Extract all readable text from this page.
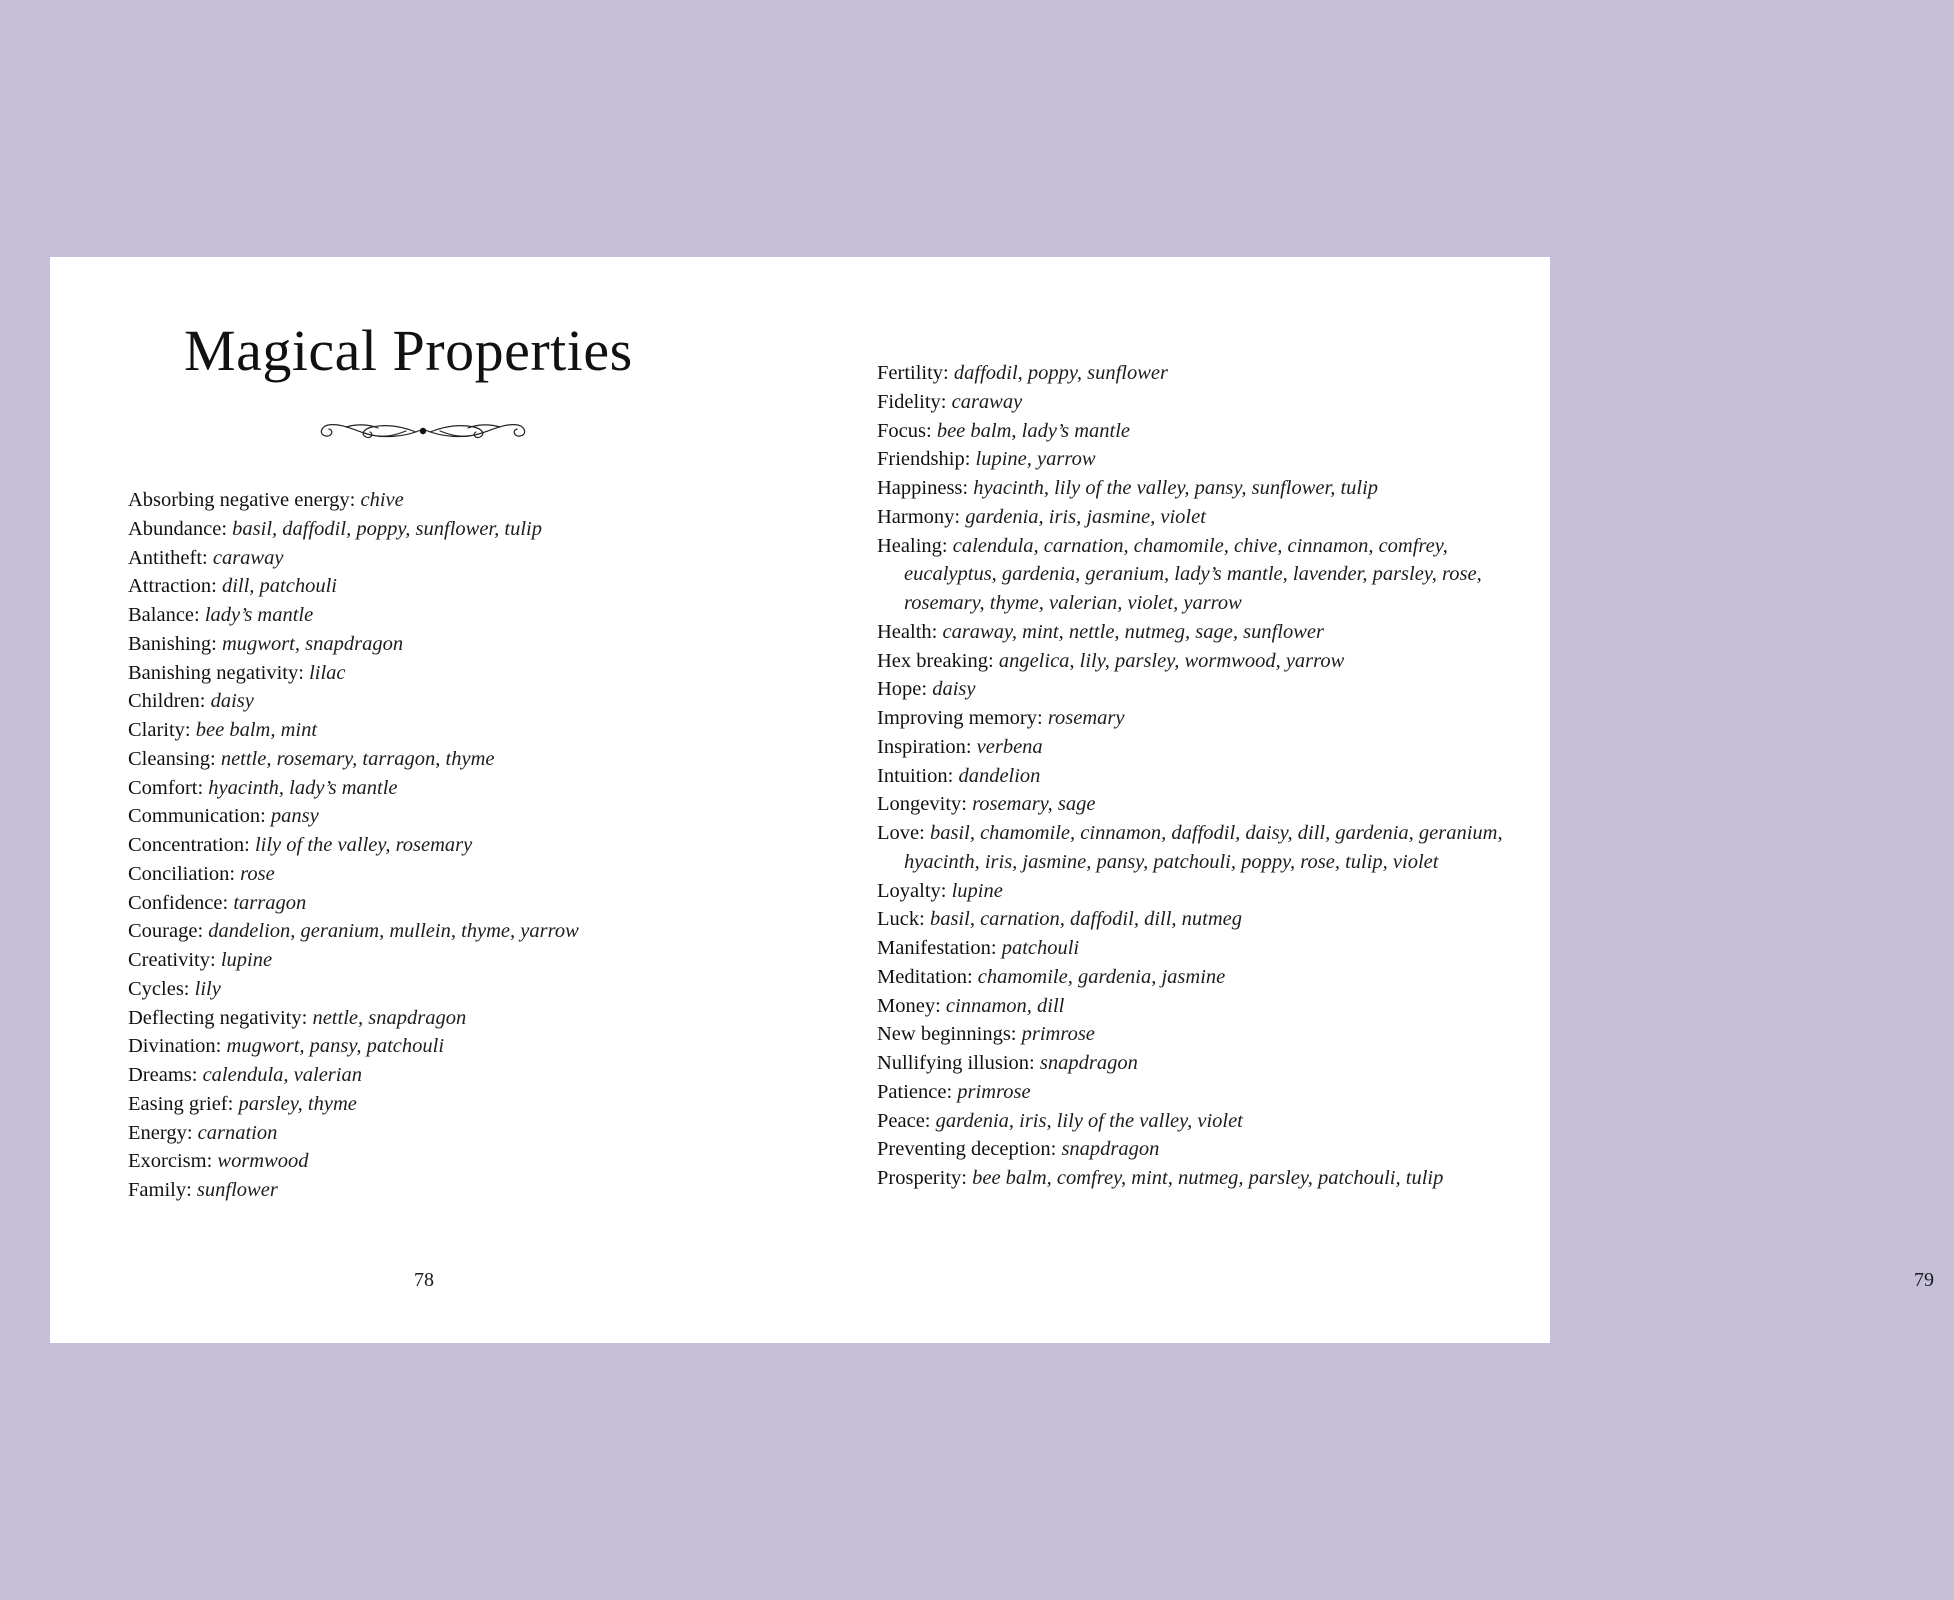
Magical Properties
Absorbing negative energy: chive
Abundance: basil, daffodil, poppy, sunflower, tulip
Antitheft: caraway
Attraction: dill, patchouli
Balance: lady’s mantle
Banishing: mugwort, snapdragon
Banishing negativity: lilac
Children: daisy
Clarity: bee balm, mint
Cleansing: nettle, rosemary, tarragon, thyme
Comfort: hyacinth, lady’s mantle
Communication: pansy
Concentration: lily of the valley, rosemary
Conciliation: rose
Confidence: tarragon
Courage: dandelion, geranium, mullein, thyme, yarrow
Creativity: lupine
Cycles: lily
Deflecting negativity: nettle, snapdragon
Divination: mugwort, pansy, patchouli
Dreams: calendula, valerian
Easing grief: parsley, thyme
Energy: carnation
Exorcism: wormwood
Family: sunflower
78	79
Fertility: daffodil, poppy, sunflower
Fidelity: caraway
Focus: bee balm, lady’s mantle
Friendship: lupine, yarrow
Happiness: hyacinth, lily of the valley, pansy, sunflower, tulip
Harmony: gardenia, iris, jasmine, violet
Healing: calendula, carnation, chamomile, chive, cinnamon, comfrey, eucalyptus, gardenia, geranium, lady’s mantle, lavender, parsley, rose, rosemary, thyme, valerian, violet, yarrow
Health: caraway, mint, nettle, nutmeg, sage, sunflower
Hex breaking: angelica, lily, parsley, wormwood, yarrow
Hope: daisy
Improving memory: rosemary
Inspiration: verbena
Intuition: dandelion
Longevity: rosemary, sage
Love: basil, chamomile, cinnamon, daffodil, daisy, dill, gardenia, geranium, hyacinth, iris, jasmine, pansy, patchouli, poppy, rose, tulip, violet
Loyalty: lupine
Luck: basil, carnation, daffodil, dill, nutmeg
Manifestation: patchouli
Meditation: chamomile, gardenia, jasmine
Money: cinnamon, dill
New beginnings: primrose
Nullifying illusion: snapdragon
Patience: primrose
Peace: gardenia, iris, lily of the valley, violet
Preventing deception: snapdragon
Prosperity: bee balm, comfrey, mint, nutmeg, parsley, patchouli, tulip
